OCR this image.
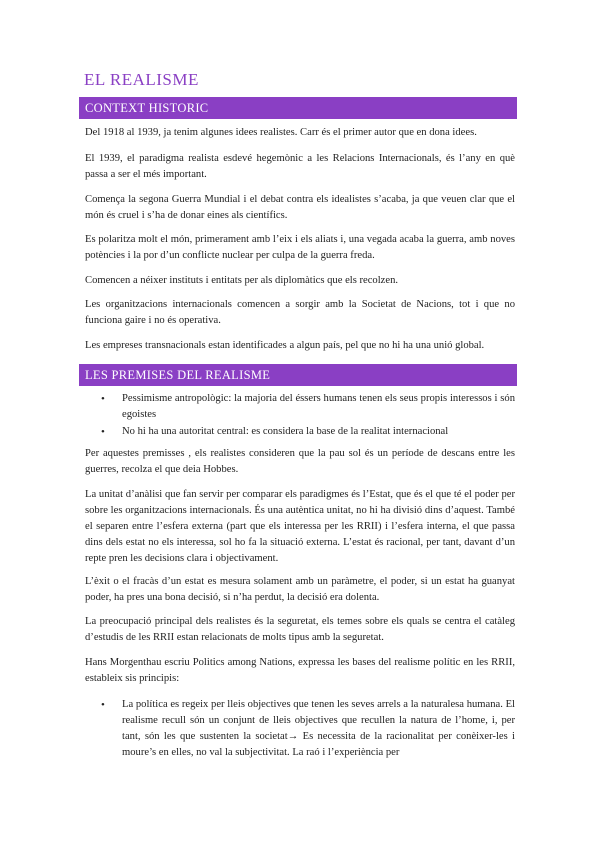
EL REALISME
CONTEXT HISTORIC

Del 1918 al 1939, ja tenim algunes idees realistes. Carr és el primer autor que en dona idees.

El 1939, el paradigma realista esdevé hegemònic a les Relacions Internacionals, és l’any en què passa a ser el més important.

Comença la segona Guerra Mundial i el debat contra els idealistes s’acaba, ja que veuen clar que el món és cruel i s’ha de donar eines als científics.

Es polaritza molt el món, primerament amb l’eix i els aliats i, una vegada acaba la guerra, amb noves potències i la por d’un conflicte nuclear per culpa de la guerra freda.

Comencen a néixer instituts i entitats per als diplomàtics que els recolzen.

Les organitzacions internacionals comencen a sorgir amb la Societat de Nacions, tot i que no funciona gaire i no és operativa.

Les empreses transnacionals estan identificades a algun país, pel que no hi ha una unió global.

LES PREMISES DEL REALISME
• Pessimisme antropològic: la majoria del éssers humans tenen els seus propis interessos i són egoistes
• No hi ha una autoritat central: es considera la base de la realitat internacional

Per aquestes premisses , els realistes consideren que la pau sol és un període de descans entre les guerres, recolza el que deia Hobbes.

La unitat d’anàlisi que fan servir per comparar els paradigmes és l’Estat, que és el que té el poder per sobre les organitzacions internacionals. És una autèntica unitat, no hi ha divisió dins d’aquest. També el separen entre l’esfera externa (part que els interessa per les RRII) i l’esfera interna, el que passa dins dels estat no els interessa, sol ho fa la situació externa. L’estat és racional, per tant, davant d’un repte pren les decisions clara i objectivament.

L’èxit o el fracàs d’un estat es mesura solament amb un paràmetre, el poder, si un estat ha guanyat poder, ha pres una bona decisió, si n’ha perdut, la decisió era dolenta.

La preocupació principal dels realistes és la seguretat, els temes sobre els quals se centra el catàleg d’estudis de les RRII estan relacionats de molts tipus amb la seguretat.

Hans Morgenthau escriu Politics among Nations, expressa les bases del realisme polític en les RRII, estableix sis principis:

• La política es regeix per lleis objectives que tenen les seves arrels a la naturalesa humana. El realisme recull són un conjunt de lleis objectives que recullen la natura de l’home, i, per tant, són les que sustenten la societat→ Es necessita de la racionalitat per conèixer-les i moure’s en elles, no val la subjectivitat. La raó i l’experiència per
